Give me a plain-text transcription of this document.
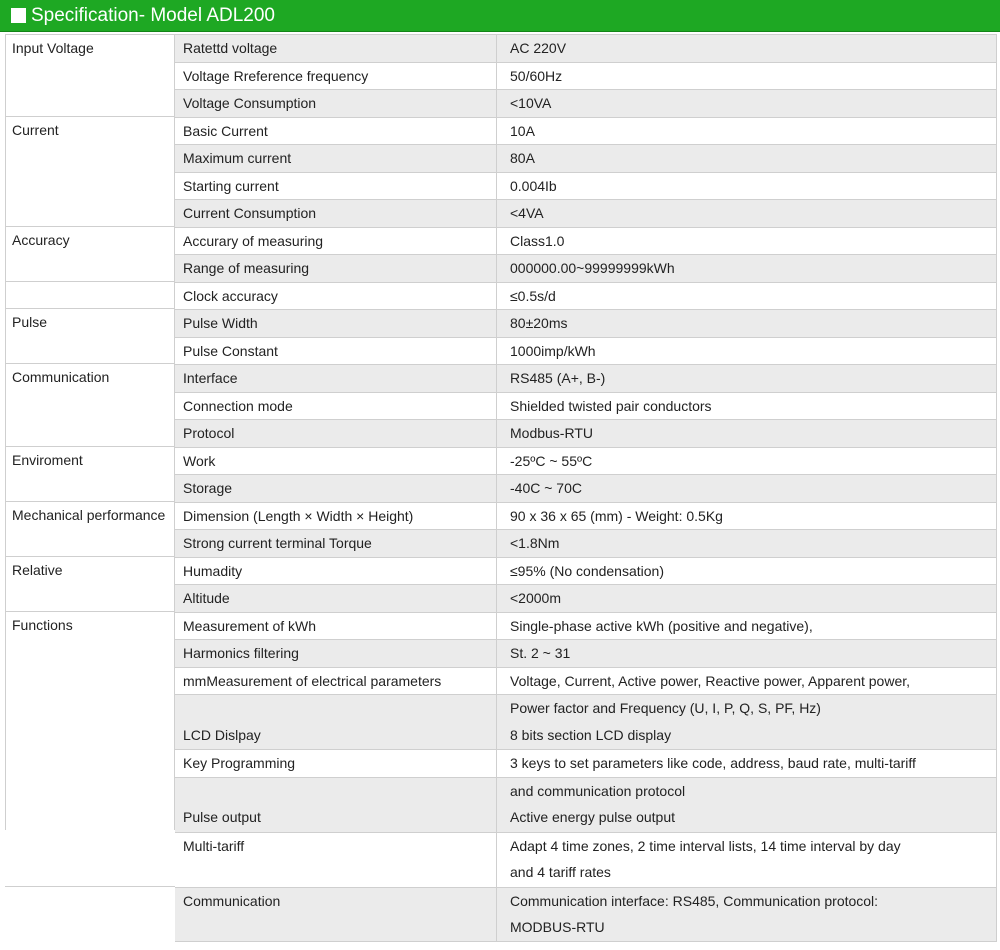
Specification- Model ADL200
Input Voltage
Current
Accuracy
Pulse
Communication
Enviroment
Mechanical performance
Relative
Functions
Ratettd voltage
Voltage Rreference frequency
Voltage Consumption
Basic Current
Maximum current
Starting current
Current Consumption
Accurary of measuring
Range of measuring
Clock accuracy
Pulse Width
Pulse Constant
Interface
Connection mode
Protocol
Work
Storage
Dimension (Length × Width × Height)
Strong current terminal Torque
Humadity
Altitude
Measurement of kWh
Harmonics filtering
mmMeasurement of electrical parameters
LCD Dislpay
Key Programming
Pulse output
Multi-tariff
Communication
AC 220V
50/60Hz
<10VA
10A
80A
0.004Ib
<4VA
Class1.0
000000.00~99999999kWh
≤0.5s/d
80±20ms
1000imp/kWh
RS485 (A+, B-)
Shielded twisted pair conductors
Modbus-RTU
-25ºC ~ 55ºC
-40C ~ 70C
90 x 36 x 65 (mm) - Weight: 0.5Kg
<1.8Nm
≤95% (No condensation)
<2000m
Single-phase active kWh (positive and negative),
St. 2 ~ 31
Voltage, Current, Active power, Reactive power, Apparent power,
Power factor and Frequency (U, I, P, Q, S, PF, Hz)
8 bits section LCD display
3 keys to set parameters like code, address, baud rate, multi-tariff
and communication protocol
Active energy pulse output
Adapt 4 time zones, 2 time interval lists, 14 time interval by day
and 4 tariff rates
Communication interface: RS485, Communication protocol:
MODBUS-RTU
